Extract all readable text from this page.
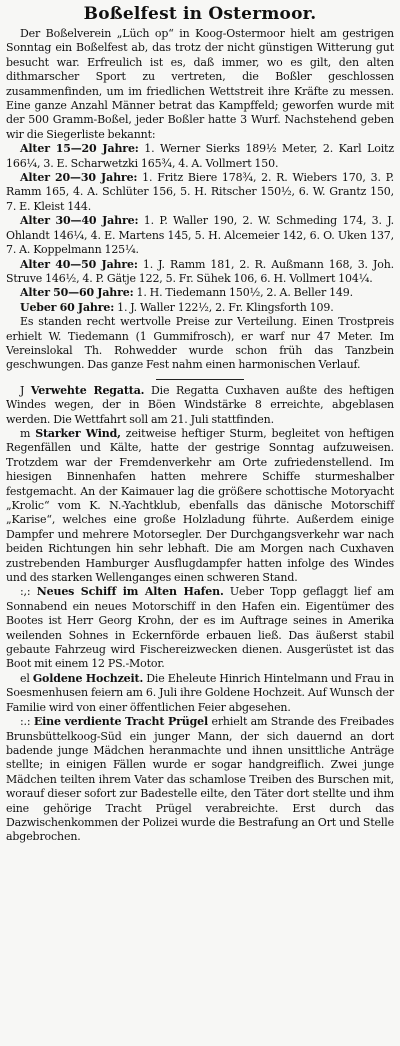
Boßelfest in Ostermoor.

Der Boßelverein „Lüch op“ in Koog-Ostermoor hielt am gestrigen Sonntag ein Boßelfest ab, das trotz der nicht günstigen Witterung gut besucht war. Erfreulich ist es, daß immer, wo es gilt, den alten dithmarscher Sport zu vertreten, die Boßler geschlossen zusammenfinden, um im friedlichen Wettstreit ihre Kräfte zu messen. Eine ganze Anzahl Männer betrat das Kampffeld; geworfen wurde mit der 500 Gramm-Boßel, jeder Boßler hatte 3 Wurf. Nachstehend geben wir die Siegerliste bekannt:

Alter 15—20 Jahre: 1. Werner Sierks 189½ Meter, 2. Karl Loitz 166¼, 3. E. Scharwetzki 165¾, 4. A. Vollmert 150.

Alter 20—30 Jahre: 1. Fritz Biere 178¾, 2. R. Wiebers 170, 3. P. Ramm 165, 4. A. Schlüter 156, 5. H. Ritscher 150½, 6. W. Grantz 150, 7. E. Kleist 144.

Alter 30—40 Jahre: 1. P. Waller 190, 2. W. Schmeding 174, 3. J. Ohlandt 146¼, 4. E. Martens 145, 5. H. Alcemeier 142, 6. O. Uken 137, 7. A. Koppelmann 125¼.

Alter 40—50 Jahre: 1. J. Ramm 181, 2. R. Außmann 168, 3. Joh. Struve 146½, 4. P. Gätje 122, 5. Fr. Sühek 106, 6. H. Vollmert 104¼.

Alter 50—60 Jahre: 1. H. Tiedemann 150½, 2. A. Beller 149.

Ueber 60 Jahre: 1. J. Waller 122½, 2. Fr. Klingsforth 109.

Es standen recht wertvolle Preise zur Verteilung. Einen Trostpreis erhielt W. Tiedemann (1 Gummifrosch), er warf nur 47 Meter. Im Vereinslokal Th. Rohwedder wurde schon früh das Tanzbein geschwungen. Das ganze Fest nahm einen harmonischen Verlauf.

J Verwehte Regatta. Die Regatta Cuxhaven außte des heftigen Windes wegen, der in Böen Windstärke 8 erreichte, abgeblasen werden. Die Wettfahrt soll am 21. Juli stattfinden.

m Starker Wind, zeitweise heftiger Sturm, begleitet von heftigen Regenfällen und Kälte, hatte der gestrige Sonntag aufzuweisen. Trotzdem war der Fremdenverkehr am Orte zufriedenstellend. Im hiesigen Binnenhafen hatten mehrere Schiffe sturmeshalber festgemacht. An der Kaimauer lag die größere schottische Motoryacht „Krolic“ vom K. N.-Yachtklub, ebenfalls das dänische Motorschiff „Karise“, welches eine große Holzladung führte. Außerdem einige Dampfer und mehrere Motorsegler. Der Durchgangsverkehr war nach beiden Richtungen hin sehr lebhaft. Die am Morgen nach Cuxhaven zustrebenden Hamburger Ausflugdampfer hatten infolge des Windes und des starken Wellenganges einen schweren Stand.

:,: Neues Schiff im Alten Hafen. Ueber Topp geflaggt lief am Sonnabend ein neues Motorschiff in den Hafen ein. Eigentümer des Bootes ist Herr Georg Krohn, der es im Auftrage seines in Amerika weilenden Sohnes in Eckernförde erbauen ließ. Das äußerst stabil gebaute Fahrzeug wird Fischereizwecken dienen. Ausgerüstet ist das Boot mit einem 12 PS.-Motor.

el Goldene Hochzeit. Die Eheleute Hinrich Hintelmann und Frau in Soesmenhusen feiern am 6. Juli ihre Goldene Hochzeit. Auf Wunsch der Familie wird von einer öffentlichen Feier abgesehen.

:.: Eine verdiente Tracht Prügel erhielt am Strande des Freibades Brunsbüttelkoog-Süd ein junger Mann, der sich dauernd an dort badende junge Mädchen heranmachte und ihnen unsittliche Anträge stellte; in einigen Fällen wurde er sogar handgreiflich. Zwei junge Mädchen teilten ihrem Vater das schamlose Treiben des Burschen mit, worauf dieser sofort zur Badestelle eilte, den Täter dort stellte und ihm eine gehörige Tracht Prügel verabreichte. Erst durch das Dazwischenkommen der Polizei wurde die Bestrafung an Ort und Stelle abgebrochen.
